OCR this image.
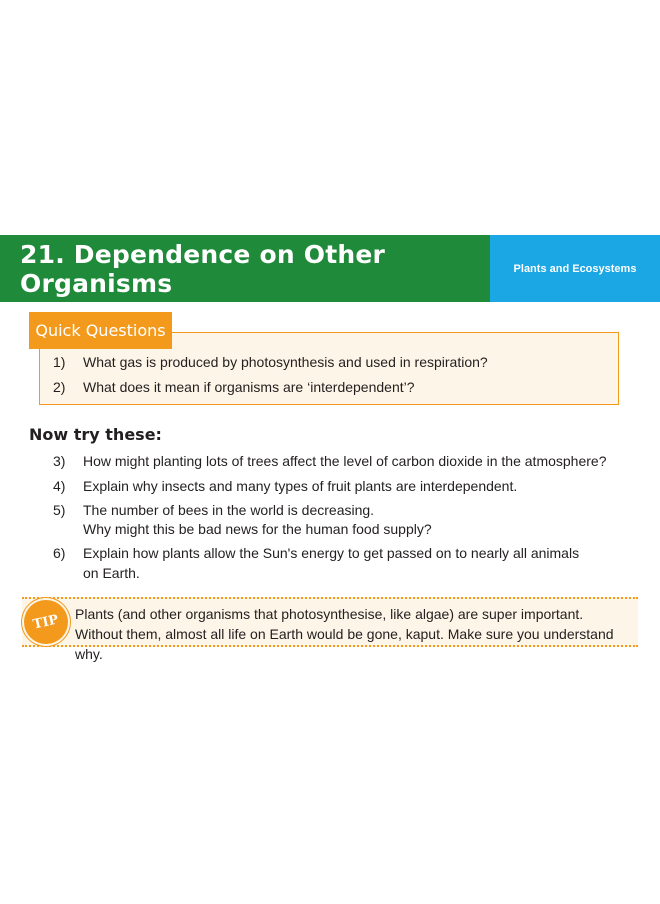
21. Dependence on Other Organisms	Plants and Ecosystems
1) What gas is produced by photosynthesis and used in respiration?
2) What does it mean if organisms are ‘interdependent’?
Quick Questions
Now try these:
3) How might planting lots of trees affect the level of carbon dioxide in the atmosphere?
4) Explain why insects and many types of fruit plants are interdependent.
5) The number of bees in the world is decreasing.
Why might this be bad news for the human food supply?
6) Explain how plants allow the Sun's energy to get passed on to nearly all animals
on Earth.
TIP Plants (and other organisms that photosynthesise, like algae) are super important. Without them, almost all life on Earth would be gone, kaput. Make sure you understand why.
